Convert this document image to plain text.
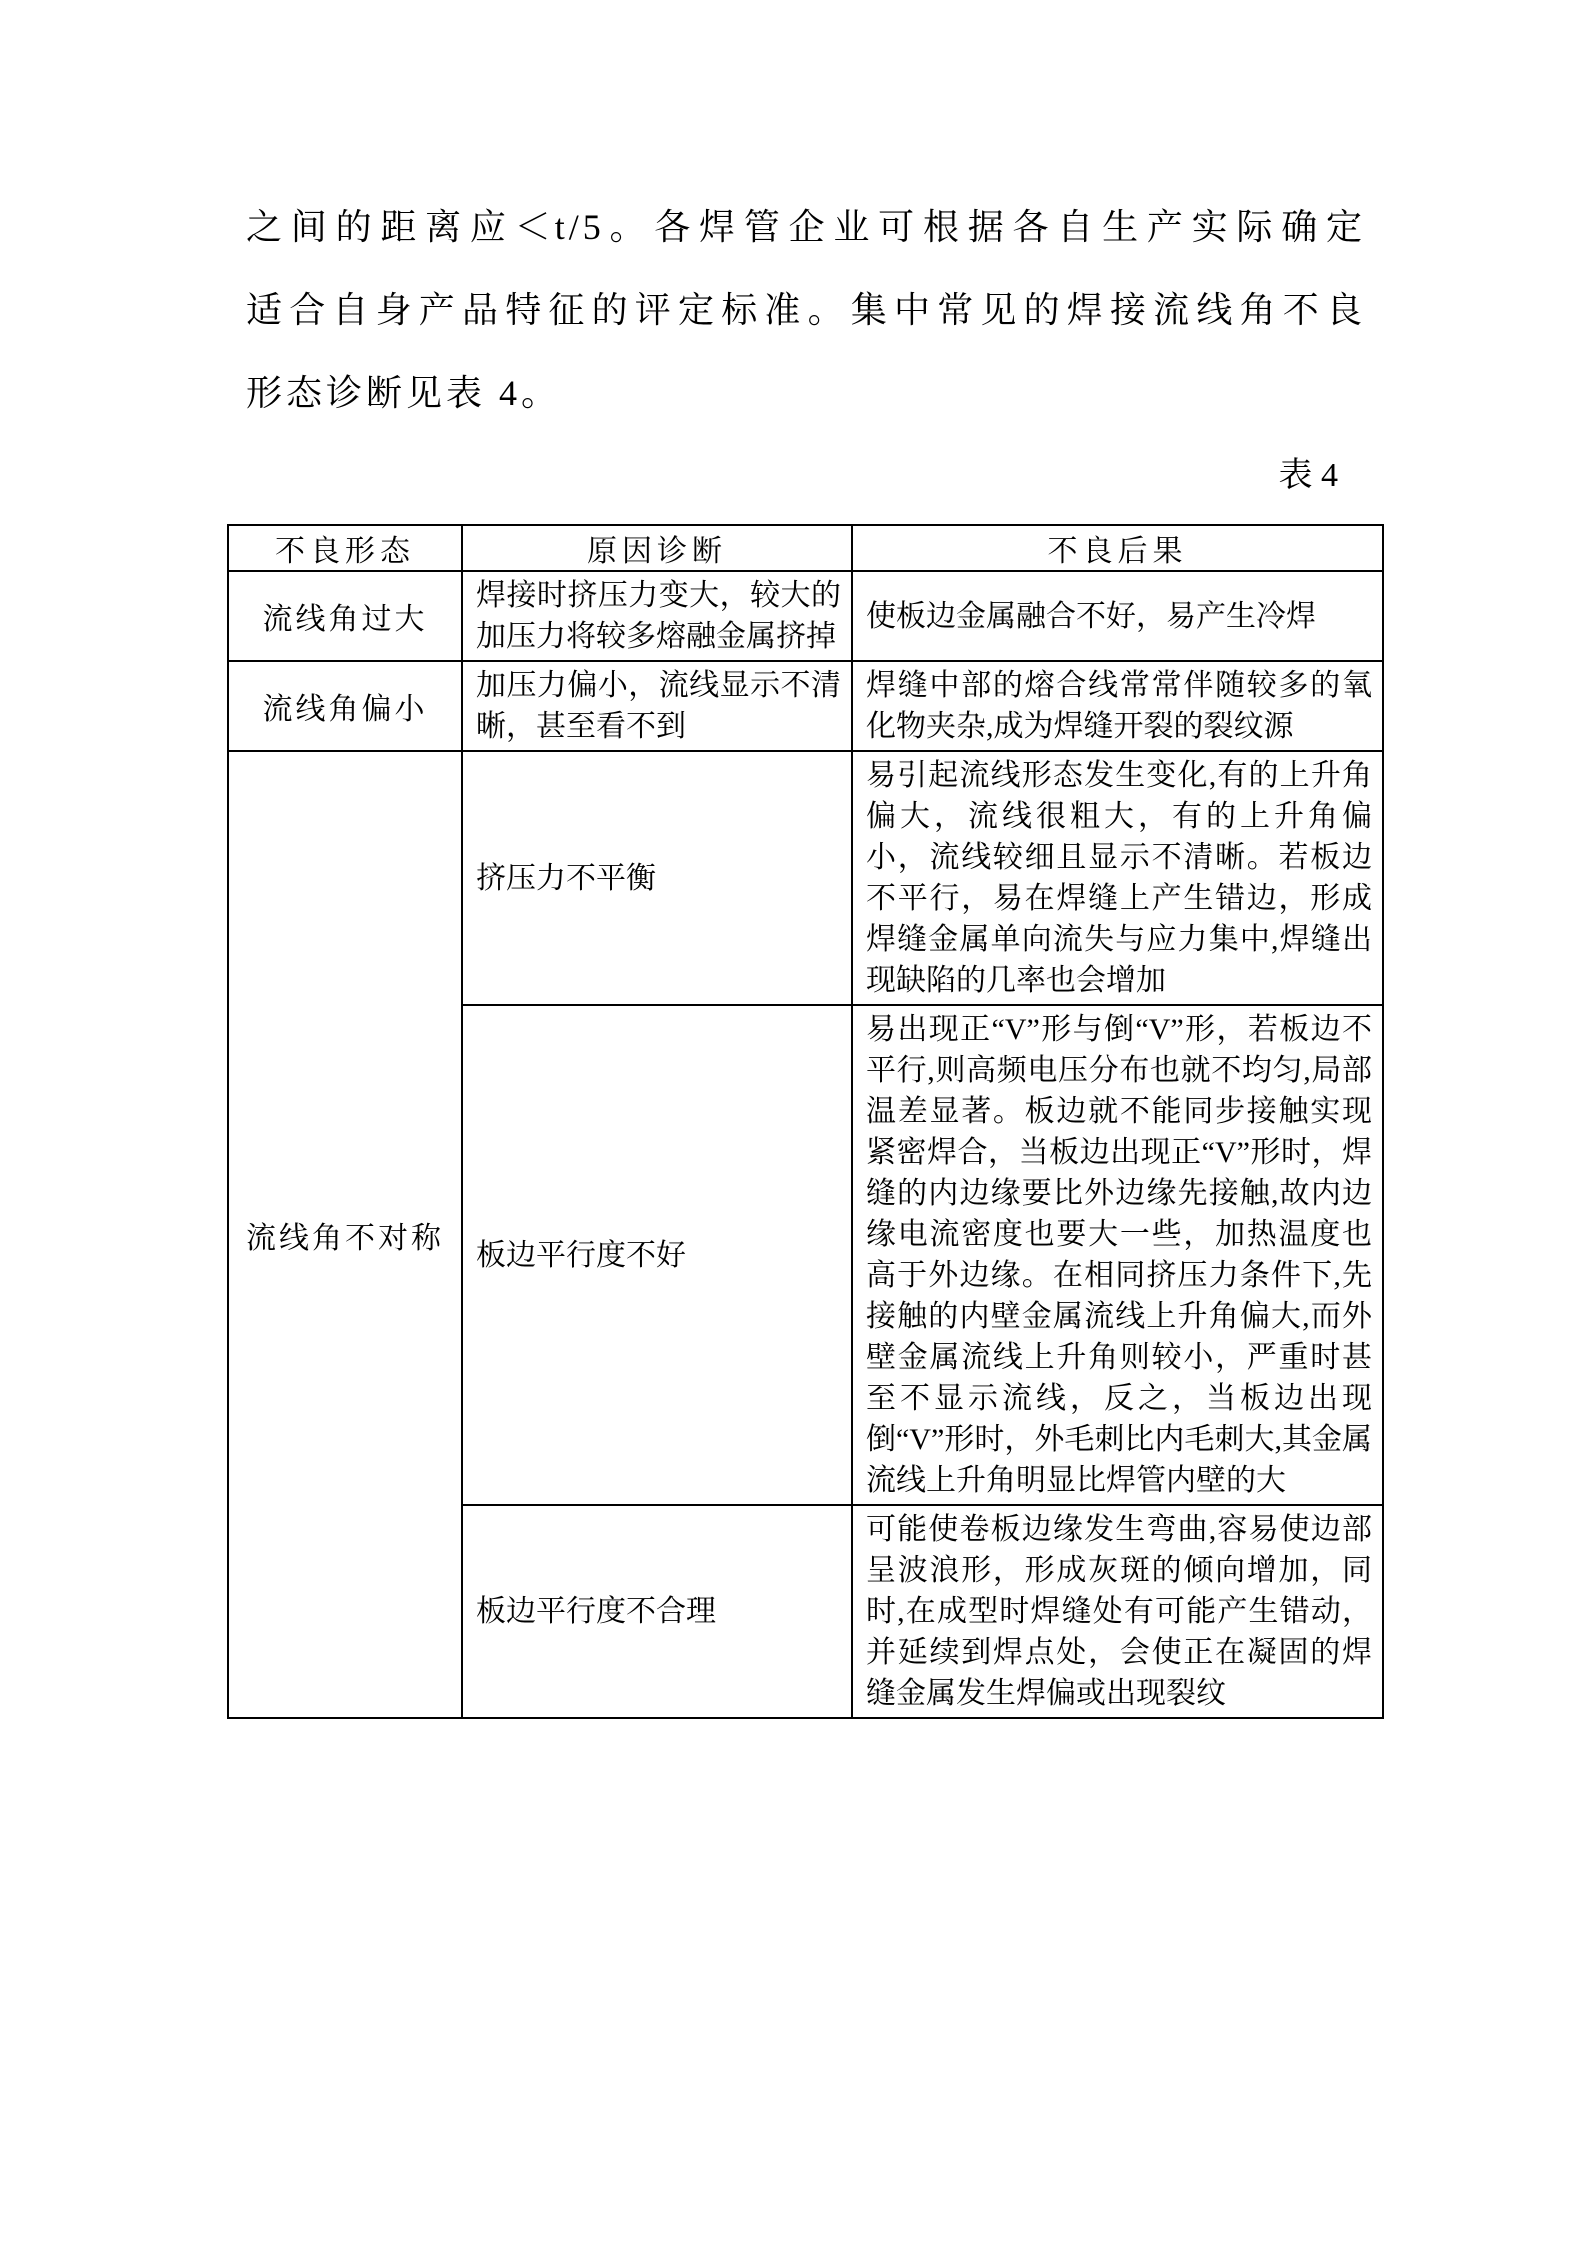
之间的距离应＜t/5。各焊管企业可根据各自生产实际确定
适合自身产品特征的评定标准。集中常见的焊接流线角不良
形态诊断见表 4。
表 4
不良形态	原因诊断	不良后果
流线角过大	焊接时挤压力变大，较大的加压力将较多熔融金属挤掉	使板边金属融合不好，易产生冷焊
流线角偏小	加压力偏小，流线显示不清晰，甚至看不到	焊缝中部的熔合线常常伴随较多的氧化物夹杂,成为焊缝开裂的裂纹源
流线角不对称	挤压力不平衡	易引起流线形态发生变化,有的上升角偏大，流线很粗大，有的上升角偏小，流线较细且显示不清晰。若板边不平行，易在焊缝上产生错边，形成焊缝金属单向流失与应力集中,焊缝出现缺陷的几率也会增加
	板边平行度不好	易出现正“V”形与倒“V”形，若板边不平行,则高频电压分布也就不均匀,局部温差显著。板边就不能同步接触实现紧密焊合，当板边出现正“V”形时，焊缝的内边缘要比外边缘先接触,故内边缘电流密度也要大一些，加热温度也高于外边缘。在相同挤压力条件下,先接触的内壁金属流线上升角偏大,而外壁金属流线上升角则较小，严重时甚至不显示流线，反之，当板边出现倒“V”形时，外毛刺比内毛刺大,其金属流线上升角明显比焊管内壁的大
	板边平行度不合理	可能使卷板边缘发生弯曲,容易使边部呈波浪形，形成灰斑的倾向增加，同时,在成型时焊缝处有可能产生错动，并延续到焊点处，会使正在凝固的焊缝金属发生焊偏或出现裂纹
